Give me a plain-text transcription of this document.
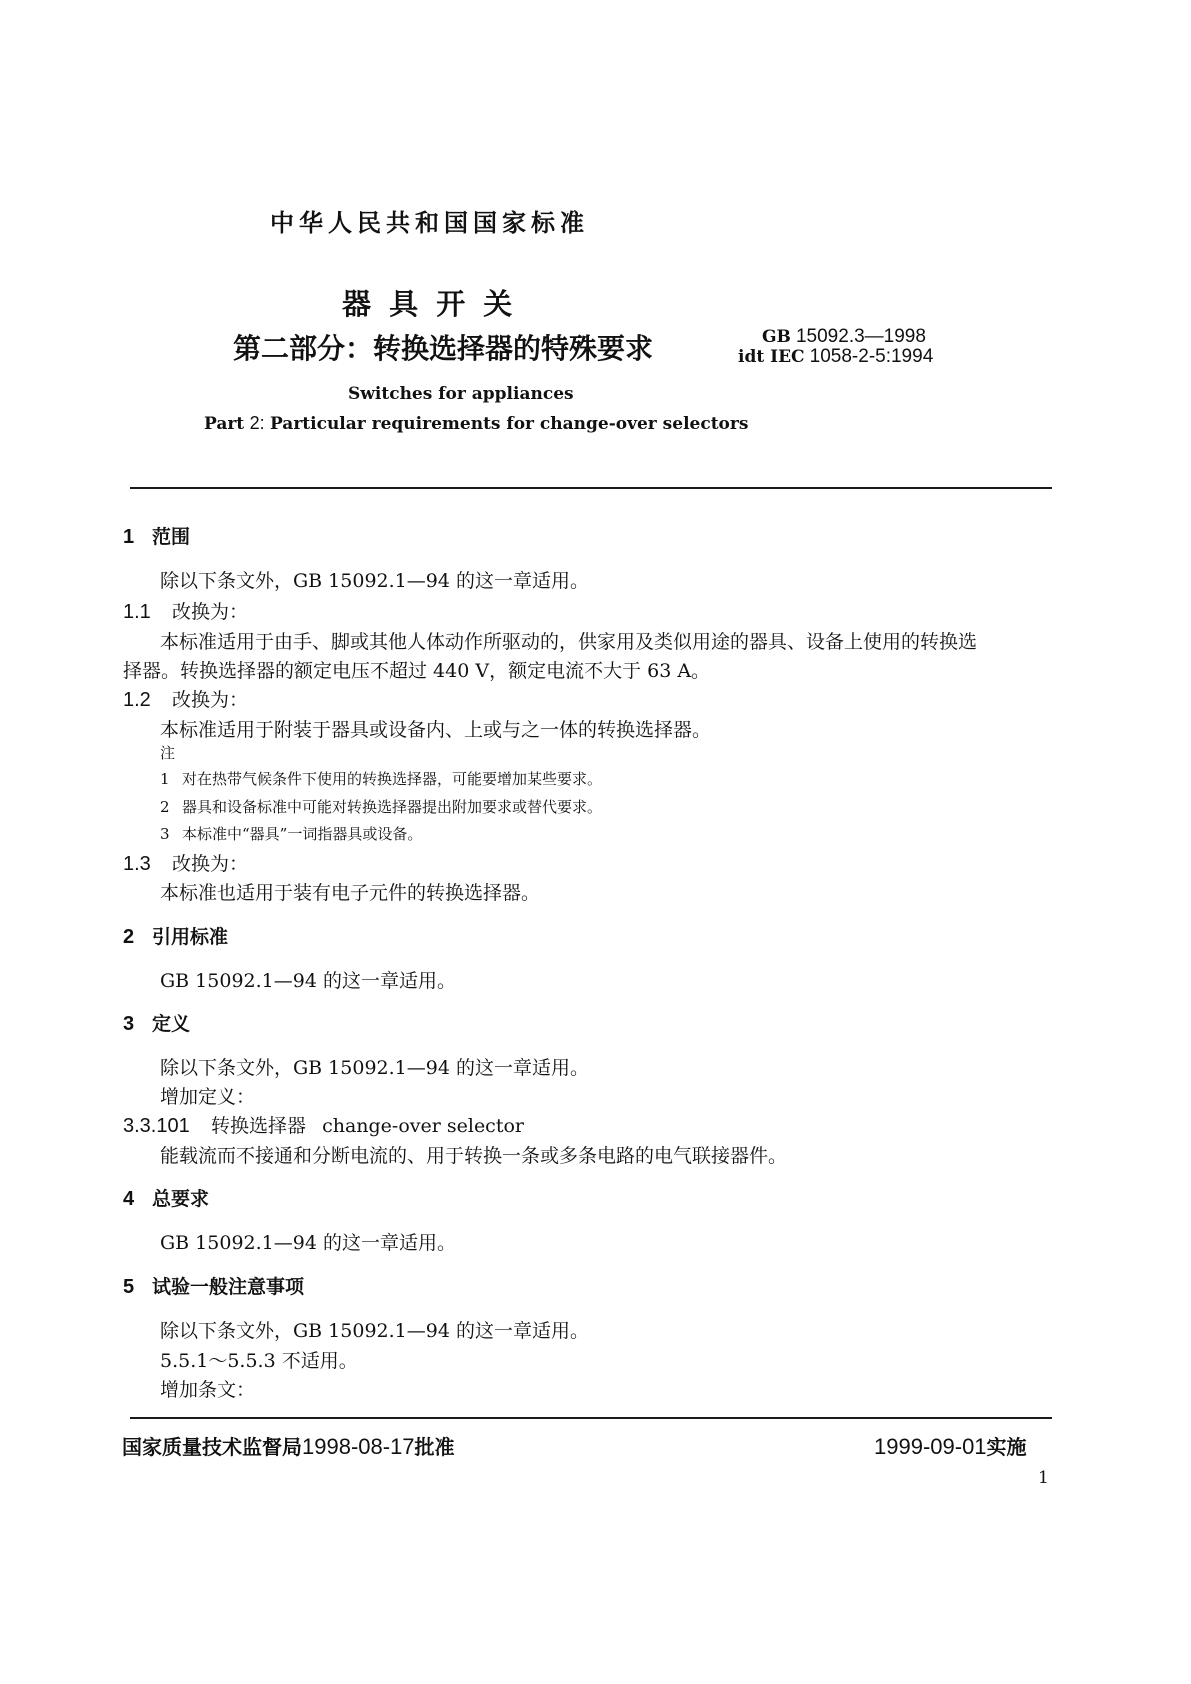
中华人民共和国国家标准
器 具 开 关
第二部分：转换选择器的特殊要求	GB 15092.3—1998
idt IEC 1058-2-5:1994
Switches for appliances
Part 2: Particular requirements for change-over selectors
1 范围
除以下条文外，GB 15092.1—94 的这一章适用。
1.1 改换为：
本标准适用于由手、脚或其他人体动作所驱动的，供家用及类似用途的器具、设备上使用的转换选
择器。转换选择器的额定电压不超过 440 V，额定电流不大于 63 A。
1.2 改换为：
本标准适用于附装于器具或设备内、上或与之一体的转换选择器。
注
1 对在热带气候条件下使用的转换选择器，可能要增加某些要求。
2 器具和设备标准中可能对转换选择器提出附加要求或替代要求。
3 本标准中“器具”一词指器具或设备。
1.3 改换为：
本标准也适用于装有电子元件的转换选择器。
2 引用标准
GB 15092.1—94 的这一章适用。
3 定义
除以下条文外，GB 15092.1—94 的这一章适用。
增加定义：
3.3.101 转换选择器 change-over selector
能载流而不接通和分断电流的、用于转换一条或多条电路的电气联接器件。
4 总要求
GB 15092.1—94 的这一章适用。
5 试验一般注意事项
除以下条文外，GB 15092.1—94 的这一章适用。
5.5.1～5.5.3 不适用。
增加条文：
国家质量技术监督局1998-08-17批准	1999-09-01实施
1
